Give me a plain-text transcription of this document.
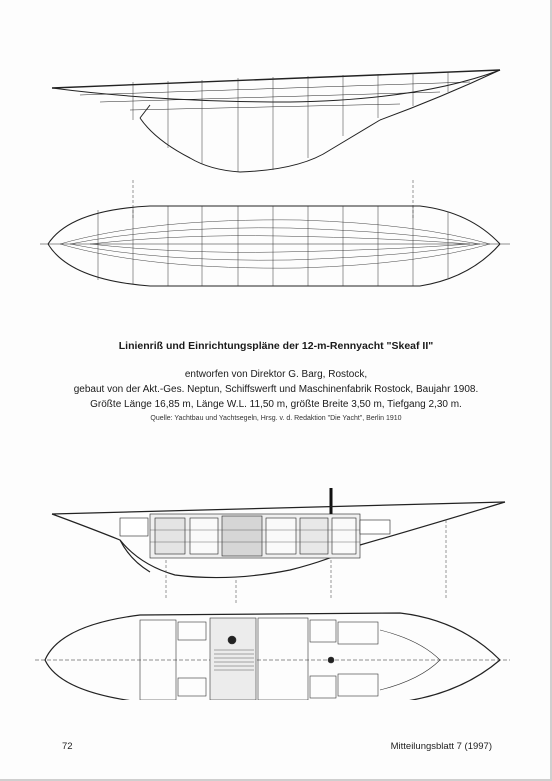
Linienriß und Einrichtungspläne der 12-m-Rennyacht "Skeaf II"
entworfen von Direktor G. Barg, Rostock,
gebaut von der Akt.-Ges. Neptun, Schiffswerft und Maschinenfabrik Rostock, Baujahr 1908.
Größte Länge 16,85 m, Länge W.L. 11,50 m, größte Breite 3,50 m, Tiefgang 2,30 m.
Quelle: Yachtbau und Yachtsegeln, Hrsg. v. d. Redaktion "Die Yacht", Berlin 1910
72	Mitteilungsblatt 7 (1997)
